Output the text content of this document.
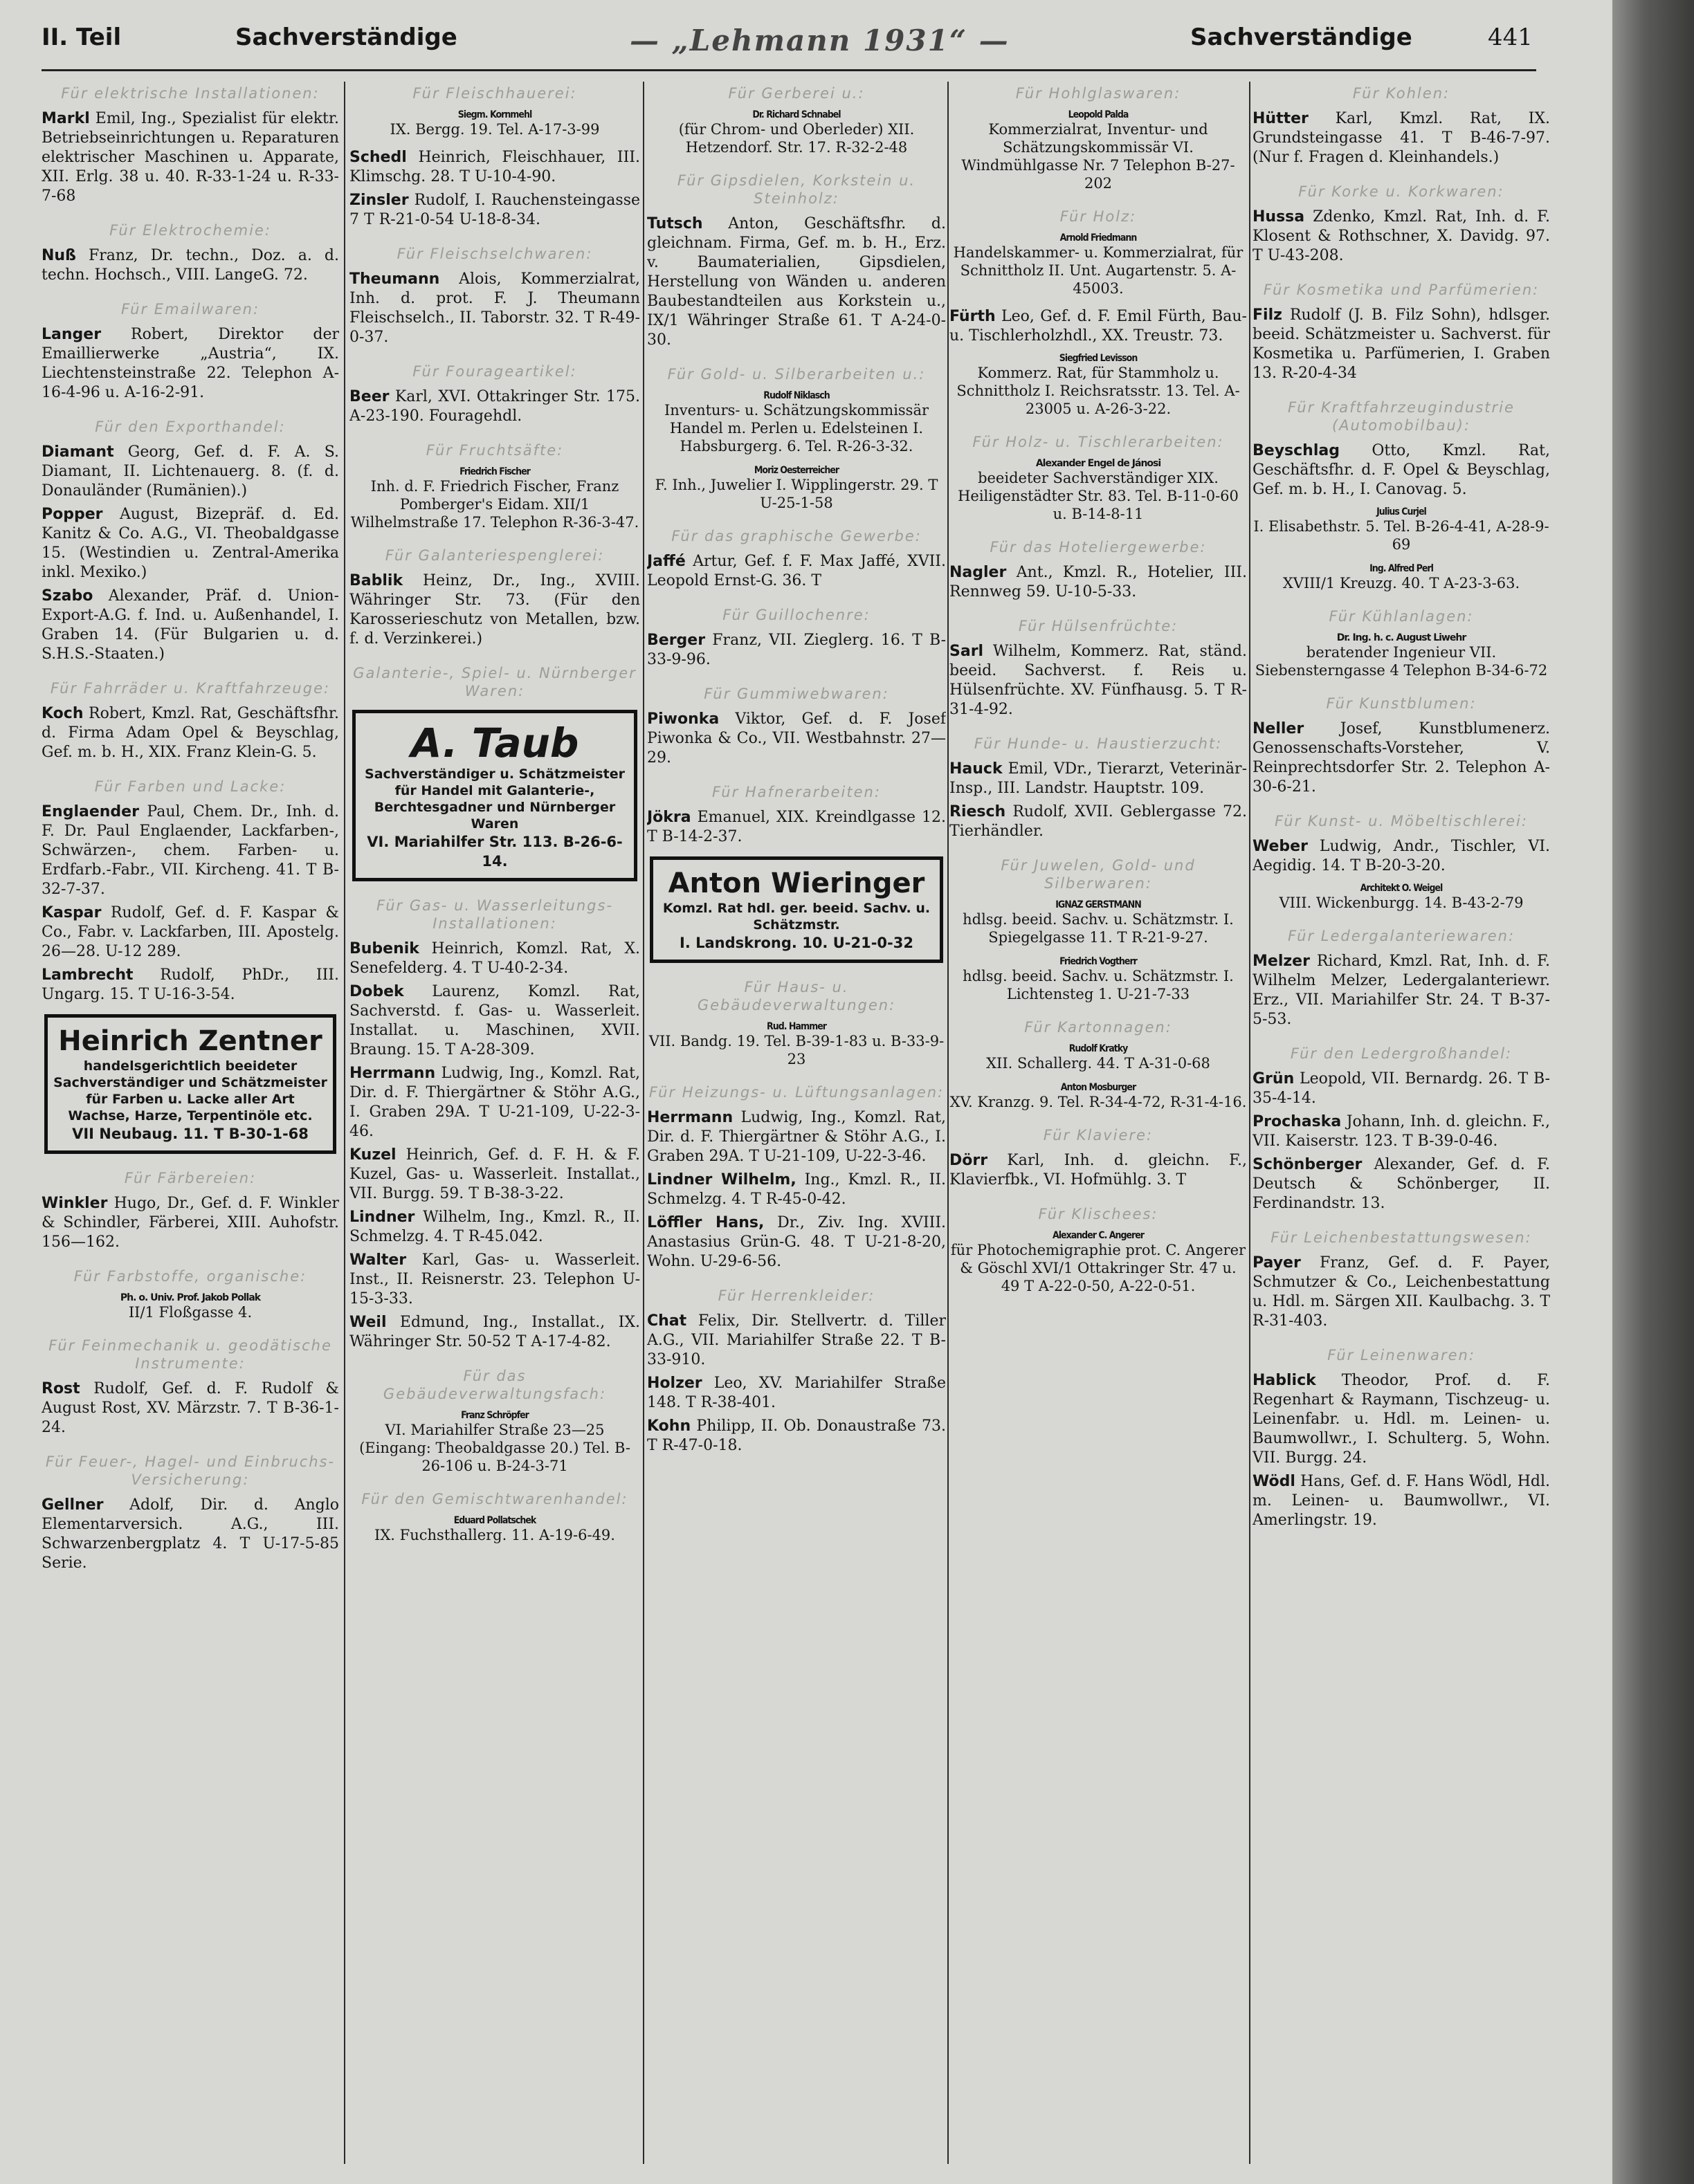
II. Teil	Sachverständige	— „Lehmann 1931“ —	Sachverständige	441
Für elektrische Installationen:
Markl Emil, Ing., Spezialist für elektr. Betriebseinrichtungen u. Reparaturen elektrischer Maschinen u. Apparate, XII. Erlg. 38 u. 40. R-33-1-24 u. R-33-7-68
Für Elektrochemie:
Nuß Franz, Dr. techn., Doz. a. d. techn. Hochsch., VIII. LangeG. 72.
Für Emailwaren:
Langer Robert, Direktor der Emaillierwerke „Austria“, IX. Liechtensteinstraße 22. Telephon A-16-4-96 u. A-16-2-91.
Für den Exporthandel:
Diamant Georg, Gef. d. F. A. S. Diamant, II. Lichtenauerg. 8. (f. d. Donauländer (Rumänien).)
Popper August, Bizepräf. d. Ed. Kanitz & Co. A.G., VI. Theobaldgasse 15. (Westindien u. Zentral-Amerika inkl. Mexiko.)
Szabo Alexander, Präf. d. Union-Export-A.G. f. Ind. u. Außenhandel, I. Graben 14. (Für Bulgarien u. d. S.H.S.-Staaten.)
Für Fahrräder u. Kraftfahrzeuge:
Koch Robert, Kmzl. Rat, Geschäftsfhr. d. Firma Adam Opel & Beyschlag, Gef. m. b. H., XIX. Franz Klein-G. 5.
Für Farben und Lacke:
Englaender Paul, Chem. Dr., Inh. d. F. Dr. Paul Englaender, Lackfarben-, Schwärzen-, chem. Farben- u. Erdfarb.-Fabr., VII. Kircheng. 41. T B-32-7-37.
Kaspar Rudolf, Gef. d. F. Kaspar & Co., Fabr. v. Lackfarben, III. Apostelg. 26—28. U-12 289.
Lambrecht Rudolf, PhDr., III. Ungarg. 15. T U-16-3-54.
Heinrich Zentner
handelsgerichtlich beeideter Sachverständiger und Schätzmeister für Farben u. Lacke aller Art Wachse, Harze, Terpentinöle etc.
VII Neubaug. 11. T B-30-1-68
Für Färbereien:
Winkler Hugo, Dr., Gef. d. F. Winkler & Schindler, Färberei, XIII. Auhofstr. 156—162.
Für Farbstoffe, organische:
Ph. o. Univ. Prof. Jakob Pollak
II/1 Floßgasse 4.
Für Feinmechanik u. geodätische Instrumente:
Rost Rudolf, Gef. d. F. Rudolf & August Rost, XV. Märzstr. 7. T B-36-1-24.
Für Feuer-, Hagel- und Einbruchs-Versicherung:
Gellner Adolf, Dir. d. Anglo Elementarversich. A.G., III. Schwarzenbergplatz 4. T U-17-5-85 Serie.
Für Fleischhauerei:
Siegm. Kornmehl
IX. Bergg. 19. Tel. A-17-3-99
Schedl Heinrich, Fleischhauer, III. Klimschg. 28. T U-10-4-90.
Zinsler Rudolf, I. Rauchensteingasse 7 T R-21-0-54 U-18-8-34.
Für Fleischselchwaren:
Theumann Alois, Kommerzialrat, Inh. d. prot. F. J. Theumann Fleischselch., II. Taborstr. 32. T R-49-0-37.
Für Fourageartikel:
Beer Karl, XVI. Ottakringer Str. 175. A-23-190. Fouragehdl.
Für Fruchtsäfte:
Friedrich Fischer
Inh. d. F. Friedrich Fischer, Franz Pomberger's Eidam. XII/1 Wilhelmstraße 17. Telephon R-36-3-47.
Für Galanteriespenglerei:
Bablik Heinz, Dr., Ing., XVIII. Währinger Str. 73. (Für den Karosserieschutz von Metallen, bzw. f. d. Verzinkerei.)
Galanterie-, Spiel- u. Nürnberger Waren:
A. Taub
Sachverständiger u. Schätzmeister für Handel mit Galanterie-, Berchtesgadner und Nürnberger Waren
VI. Mariahilfer Str. 113. B-26-6-14.
Für Gas- u. Wasserleitungs-Installationen:
Bubenik Heinrich, Komzl. Rat, X. Senefelderg. 4. T U-40-2-34.
Dobek Laurenz, Komzl. Rat, Sachverstd. f. Gas- u. Wasserleit. Installat. u. Maschinen, XVII. Braung. 15. T A-28-309.
Herrmann Ludwig, Ing., Komzl. Rat, Dir. d. F. Thiergärtner & Stöhr A.G., I. Graben 29A. T U-21-109, U-22-3-46.
Kuzel Heinrich, Gef. d. F. H. & F. Kuzel, Gas- u. Wasserleit. Installat., VII. Burgg. 59. T B-38-3-22.
Lindner Wilhelm, Ing., Kmzl. R., II. Schmelzg. 4. T R-45.042.
Walter Karl, Gas- u. Wasserleit. Inst., II. Reisnerstr. 23. Telephon U-15-3-33.
Weil Edmund, Ing., Installat., IX. Währinger Str. 50-52 T A-17-4-82.
Für das Gebäudeverwaltungsfach:
Franz Schröpfer
VI. Mariahilfer Straße 23—25 (Eingang: Theobaldgasse 20.) Tel. B-26-106 u. B-24-3-71
Für den Gemischtwarenhandel:
Eduard Pollatschek
IX. Fuchsthallerg. 11. A-19-6-49.
Für Gerberei u.:
Dr. Richard Schnabel
(für Chrom- und Oberleder) XII. Hetzendorf. Str. 17. R-32-2-48
Für Gipsdielen, Korkstein u. Steinholz:
Tutsch Anton, Geschäftsfhr. d. gleichnam. Firma, Gef. m. b. H., Erz. v. Baumaterialien, Gipsdielen, Herstellung von Wänden u. anderen Baubestandteilen aus Korkstein u., IX/1 Währinger Straße 61. T A-24-0-30.
Für Gold- u. Silberarbeiten u.:
Rudolf Niklasch
Inventurs- u. Schätzungskommissär Handel m. Perlen u. Edelsteinen I. Habsburgerg. 6. Tel. R-26-3-32.
Moriz Oesterreicher
F. Inh., Juwelier I. Wipplingerstr. 29. T U-25-1-58
Für das graphische Gewerbe:
Jaffé Artur, Gef. f. F. Max Jaffé, XVII. Leopold Ernst-G. 36. T
Für Guillochenre:
Berger Franz, VII. Zieglerg. 16. T B-33-9-96.
Für Gummiwebwaren:
Piwonka Viktor, Gef. d. F. Josef Piwonka & Co., VII. Westbahnstr. 27—29.
Für Hafnerarbeiten:
Jökra Emanuel, XIX. Kreindlgasse 12. T B-14-2-37.
Anton Wieringer
Komzl. Rat hdl. ger. beeid. Sachv. u. Schätzmstr.
I. Landskrong. 10. U-21-0-32
Für Haus- u. Gebäudeverwaltungen:
Rud. Hammer
VII. Bandg. 19. Tel. B-39-1-83 u. B-33-9-23
Für Heizungs- u. Lüftungsanlagen:
Herrmann Ludwig, Ing., Komzl. Rat, Dir. d. F. Thiergärtner & Stöhr A.G., I. Graben 29A. T U-21-109, U-22-3-46.
Lindner Wilhelm, Ing., Kmzl. R., II. Schmelzg. 4. T R-45-0-42.
Löffler Hans, Dr., Ziv. Ing. XVIII. Anastasius Grün-G. 48. T U-21-8-20, Wohn. U-29-6-56.
Für Herrenkleider:
Chat Felix, Dir. Stellvertr. d. Tiller A.G., VII. Mariahilfer Straße 22. T B-33-910.
Holzer Leo, XV. Mariahilfer Straße 148. T R-38-401.
Kohn Philipp, II. Ob. Donaustraße 73. T R-47-0-18.
Für Hohlglaswaren:
Leopold Palda
Kommerzialrat, Inventur- und Schätzungskommissär VI. Windmühlgasse Nr. 7 Telephon B-27-202
Für Holz:
Arnold Friedmann
Handelskammer- u. Kommerzialrat, für Schnittholz II. Unt. Augartenstr. 5. A-45003.
Fürth Leo, Gef. d. F. Emil Fürth, Bau- u. Tischlerholzhdl., XX. Treustr. 73.
Siegfried Levisson
Kommerz. Rat, für Stammholz u. Schnittholz I. Reichsratsstr. 13. Tel. A-23005 u. A-26-3-22.
Für Holz- u. Tischlerarbeiten:
Alexander Engel de Jánosi
beeideter Sachverständiger XIX. Heiligenstädter Str. 83. Tel. B-11-0-60 u. B-14-8-11
Für das Hoteliergewerbe:
Nagler Ant., Kmzl. R., Hotelier, III. Rennweg 59. U-10-5-33.
Für Hülsenfrüchte:
Sarl Wilhelm, Kommerz. Rat, ständ. beeid. Sachverst. f. Reis u. Hülsenfrüchte. XV. Fünfhausg. 5. T R-31-4-92.
Für Hunde- u. Haustierzucht:
Hauck Emil, VDr., Tierarzt, Veterinär-Insp., III. Landstr. Hauptstr. 109.
Riesch Rudolf, XVII. Geblergasse 72. Tierhändler.
Für Juwelen, Gold- und Silberwaren:
IGNAZ GERSTMANN
hdlsg. beeid. Sachv. u. Schätzmstr. I. Spiegelgasse 11. T R-21-9-27.
Friedrich Vogtherr
hdlsg. beeid. Sachv. u. Schätzmstr. I. Lichtensteg 1. U-21-7-33
Für Kartonnagen:
Rudolf Kratky
XII. Schallerg. 44. T A-31-0-68
Anton Mosburger
XV. Kranzg. 9. Tel. R-34-4-72, R-31-4-16.
Für Klaviere:
Dörr Karl, Inh. d. gleichn. F., Klavierfbk., VI. Hofmühlg. 3. T
Für Klischees:
Alexander C. Angerer
für Photochemigraphie prot. C. Angerer & Göschl XVI/1 Ottakringer Str. 47 u. 49 T A-22-0-50, A-22-0-51.
Für Kohlen:
Hütter Karl, Kmzl. Rat, IX. Grundsteingasse 41. T B-46-7-97. (Nur f. Fragen d. Kleinhandels.)
Für Korke u. Korkwaren:
Hussa Zdenko, Kmzl. Rat, Inh. d. F. Klosent & Rothschner, X. Davidg. 97. T U-43-208.
Für Kosmetika und Parfümerien:
Filz Rudolf (J. B. Filz Sohn), hdlsger. beeid. Schätzmeister u. Sachverst. für Kosmetika u. Parfümerien, I. Graben 13. R-20-4-34
Für Kraftfahrzeugindustrie (Automobilbau):
Beyschlag Otto, Kmzl. Rat, Geschäftsfhr. d. F. Opel & Beyschlag, Gef. m. b. H., I. Canovag. 5.
Julius Curjel
I. Elisabethstr. 5. Tel. B-26-4-41, A-28-9-69
Ing. Alfred Perl
XVIII/1 Kreuzg. 40. T A-23-3-63.
Für Kühlanlagen:
Dr. Ing. h. c. August Liwehr
beratender Ingenieur VII. Siebensterngasse 4 Telephon B-34-6-72
Für Kunstblumen:
Neller Josef, Kunstblumenerz. Genossenschafts-Vorsteher, V. Reinprechtsdorfer Str. 2. Telephon A-30-6-21.
Für Kunst- u. Möbeltischlerei:
Weber Ludwig, Andr., Tischler, VI. Aegidig. 14. T B-20-3-20.
Architekt O. Weigel
VIII. Wickenburgg. 14. B-43-2-79
Für Ledergalanteriewaren:
Melzer Richard, Kmzl. Rat, Inh. d. F. Wilhelm Melzer, Ledergalanteriewr. Erz., VII. Mariahilfer Str. 24. T B-37-5-53.
Für den Ledergroßhandel:
Grün Leopold, VII. Bernardg. 26. T B-35-4-14.
Prochaska Johann, Inh. d. gleichn. F., VII. Kaiserstr. 123. T B-39-0-46.
Schönberger Alexander, Gef. d. F. Deutsch & Schönberger, II. Ferdinandstr. 13.
Für Leichenbestattungswesen:
Payer Franz, Gef. d. F. Payer, Schmutzer & Co., Leichenbestattung u. Hdl. m. Särgen XII. Kaulbachg. 3. T R-31-403.
Für Leinenwaren:
Hablick Theodor, Prof. d. F. Regenhart & Raymann, Tischzeug- u. Leinenfabr. u. Hdl. m. Leinen- u. Baumwollwr., I. Schulterg. 5, Wohn. VII. Burgg. 24.
Wödl Hans, Gef. d. F. Hans Wödl, Hdl. m. Leinen- u. Baumwollwr., VI. Amerlingstr. 19.
